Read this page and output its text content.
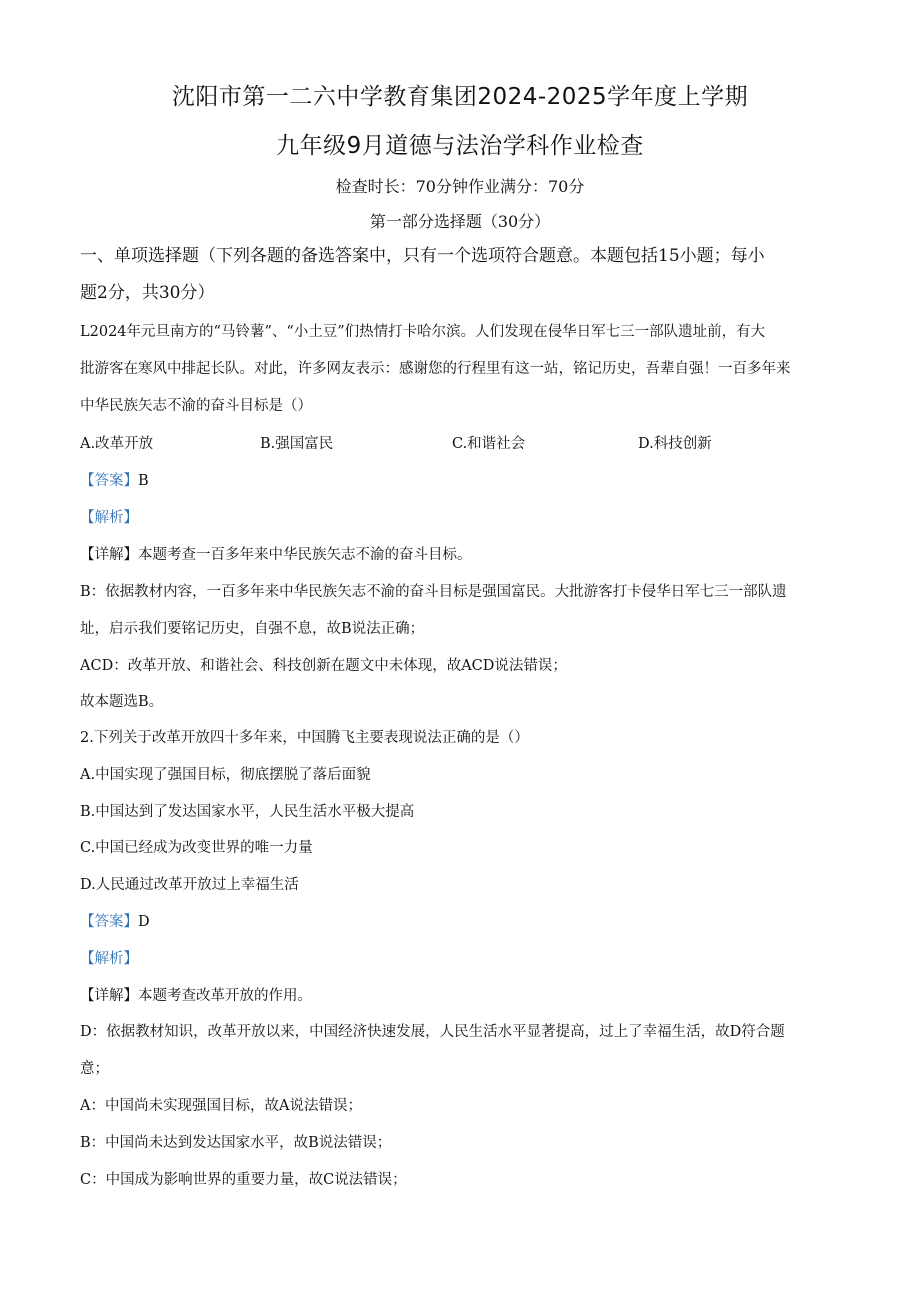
沈阳市第一二六中学教育集团2024-2025学年度上学期
九年级9月道德与法治学科作业检查
检查时长：70分钟作业满分：70分
第一部分选择题（30分）
一、单项选择题（下列各题的备选答案中，只有一个选项符合题意。本题包括15小题；每小
题2分，共30分）
L2024年元旦南方的“马铃薯”、“小土豆”们热情打卡哈尔滨。人们发现在侵华日军七三一部队遗址前，有大
批游客在寒风中排起长队。对此，许多网友表示：感谢您的行程里有这一站，铭记历史，吾辈自强！一百多年来
中华民族矢志不渝的奋斗目标是（）
A.改革开放	B.强国富民	C.和谐社会	D.科技创新
【答案】B
【解析】
【详解】本题考查一百多年来中华民族矢志不渝的奋斗目标。
B：依据教材内容，一百多年来中华民族矢志不渝的奋斗目标是强国富民。大批游客打卡侵华日军七三一部队遗
址，启示我们要铭记历史，自强不息，故B说法正确；
ACD：改革开放、和谐社会、科技创新在题文中未体现，故ACD说法错误；
故本题选B。
2.下列关于改革开放四十多年来，中国腾飞主要表现说法正确的是（）
A.中国实现了强国目标，彻底摆脱了落后面貌
B.中国达到了发达国家水平，人民生活水平极大提高
C.中国已经成为改变世界的唯一力量
D.人民通过改革开放过上幸福生活
【答案】D
【解析】
【详解】本题考查改革开放的作用。
D：依据教材知识，改革开放以来，中国经济快速发展，人民生活水平显著提高，过上了幸福生活，故D符合题
意；
A：中国尚未实现强国目标，故A说法错误；
B：中国尚未达到发达国家水平，故B说法错误；
C：中国成为影响世界的重要力量，故C说法错误；
